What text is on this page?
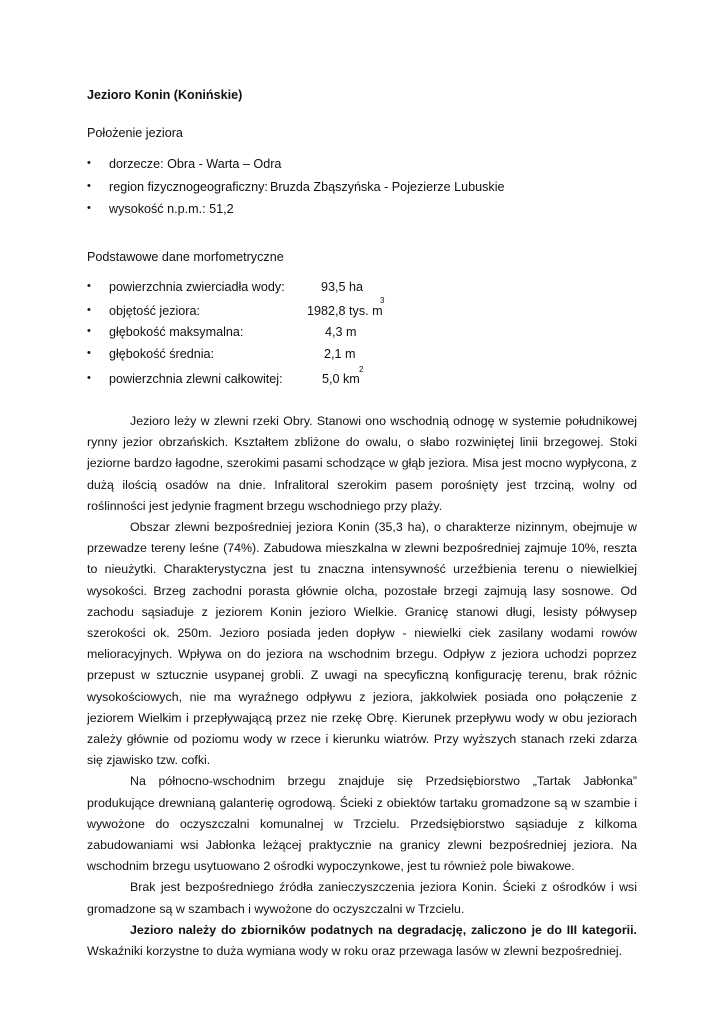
Jezioro Konin (Konińskie)
Położenie jeziora
• dorzecze: Obra - Warta – Odra
• region fizycznogeograficzny: Bruzda Zbąszyńska - Pojezierze Lubuskie
• wysokość n.p.m.: 51,2
Podstawowe dane morfometryczne
• powierzchnia zwierciadła wody:	93,5 ha
• objętość jeziora:	1982,8 tys. m
3
• głębokość maksymalna:	4,3 m
• głębokość średnia:	2,1 m
• powierzchnia zlewni całkowitej:	5,0 km
2

Jezioro leży w zlewni rzeki Obry. Stanowi ono wschodnią odnogę w systemie południkowej rynny jezior obrzańskich. Kształtem zbliżone do owalu, o słabo rozwiniętej linii brzegowej. Stoki jeziorne bardzo łagodne, szerokimi pasami schodzące w głąb jeziora. Misa jest mocno wypłycona, z dużą ilością osadów na dnie. Infralitoral szerokim pasem porośnięty jest trzciną, wolny od roślinności jest jedynie fragment brzegu wschodniego przy plaży.

Obszar zlewni bezpośredniej jeziora Konin (35,3 ha), o charakterze nizinnym, obejmuje w przewadze tereny leśne (74%). Zabudowa mieszkalna w zlewni bezpośredniej zajmuje 10%, reszta to nieużytki. Charakterystyczna jest tu znaczna intensywność urzeźbienia terenu o niewielkiej wysokości. Brzeg zachodni porasta głównie olcha, pozostałe brzegi zajmują lasy sosnowe. Od zachodu sąsiaduje z jeziorem Konin jezioro Wielkie. Granicę stanowi długi, lesisty półwysep szerokości ok. 250m. Jezioro posiada jeden dopływ - niewielki ciek zasilany wodami rowów melioracyjnych. Wpływa on do jeziora na wschodnim brzegu. Odpływ z jeziora uchodzi poprzez przepust w sztucznie usypanej grobli. Z uwagi na specyficzną konfigurację terenu, brak różnic wysokościowych, nie ma wyraźnego odpływu z jeziora, jakkolwiek posiada ono połączenie z jeziorem Wielkim i przepływającą przez nie rzekę Obrę. Kierunek przepływu wody w obu jeziorach zależy głównie od poziomu wody w rzece i kierunku wiatrów. Przy wyższych stanach rzeki zdarza się zjawisko tzw. cofki.

Na północno-wschodnim brzegu znajduje się Przedsiębiorstwo „Tartak Jabłonka” produkujące drewnianą galanterię ogrodową. Ścieki z obiektów tartaku gromadzone są w szambie i wywożone do oczyszczalni komunalnej w Trzcielu. Przedsiębiorstwo sąsiaduje z kilkoma zabudowaniami wsi Jabłonka leżącej praktycznie na granicy zlewni bezpośredniej jeziora. Na wschodnim brzegu usytuowano 2 ośrodki wypoczynkowe, jest tu również pole biwakowe.

Brak jest bezpośredniego źródła zanieczyszczenia jeziora Konin. Ścieki z ośrodków i wsi gromadzone są w szambach i wywożone do oczyszczalni w Trzcielu.

Jezioro należy do zbiorników podatnych na degradację, zaliczono je do III kategorii. Wskaźniki korzystne to duża wymiana wody w roku oraz przewaga lasów w zlewni bezpośredniej.
